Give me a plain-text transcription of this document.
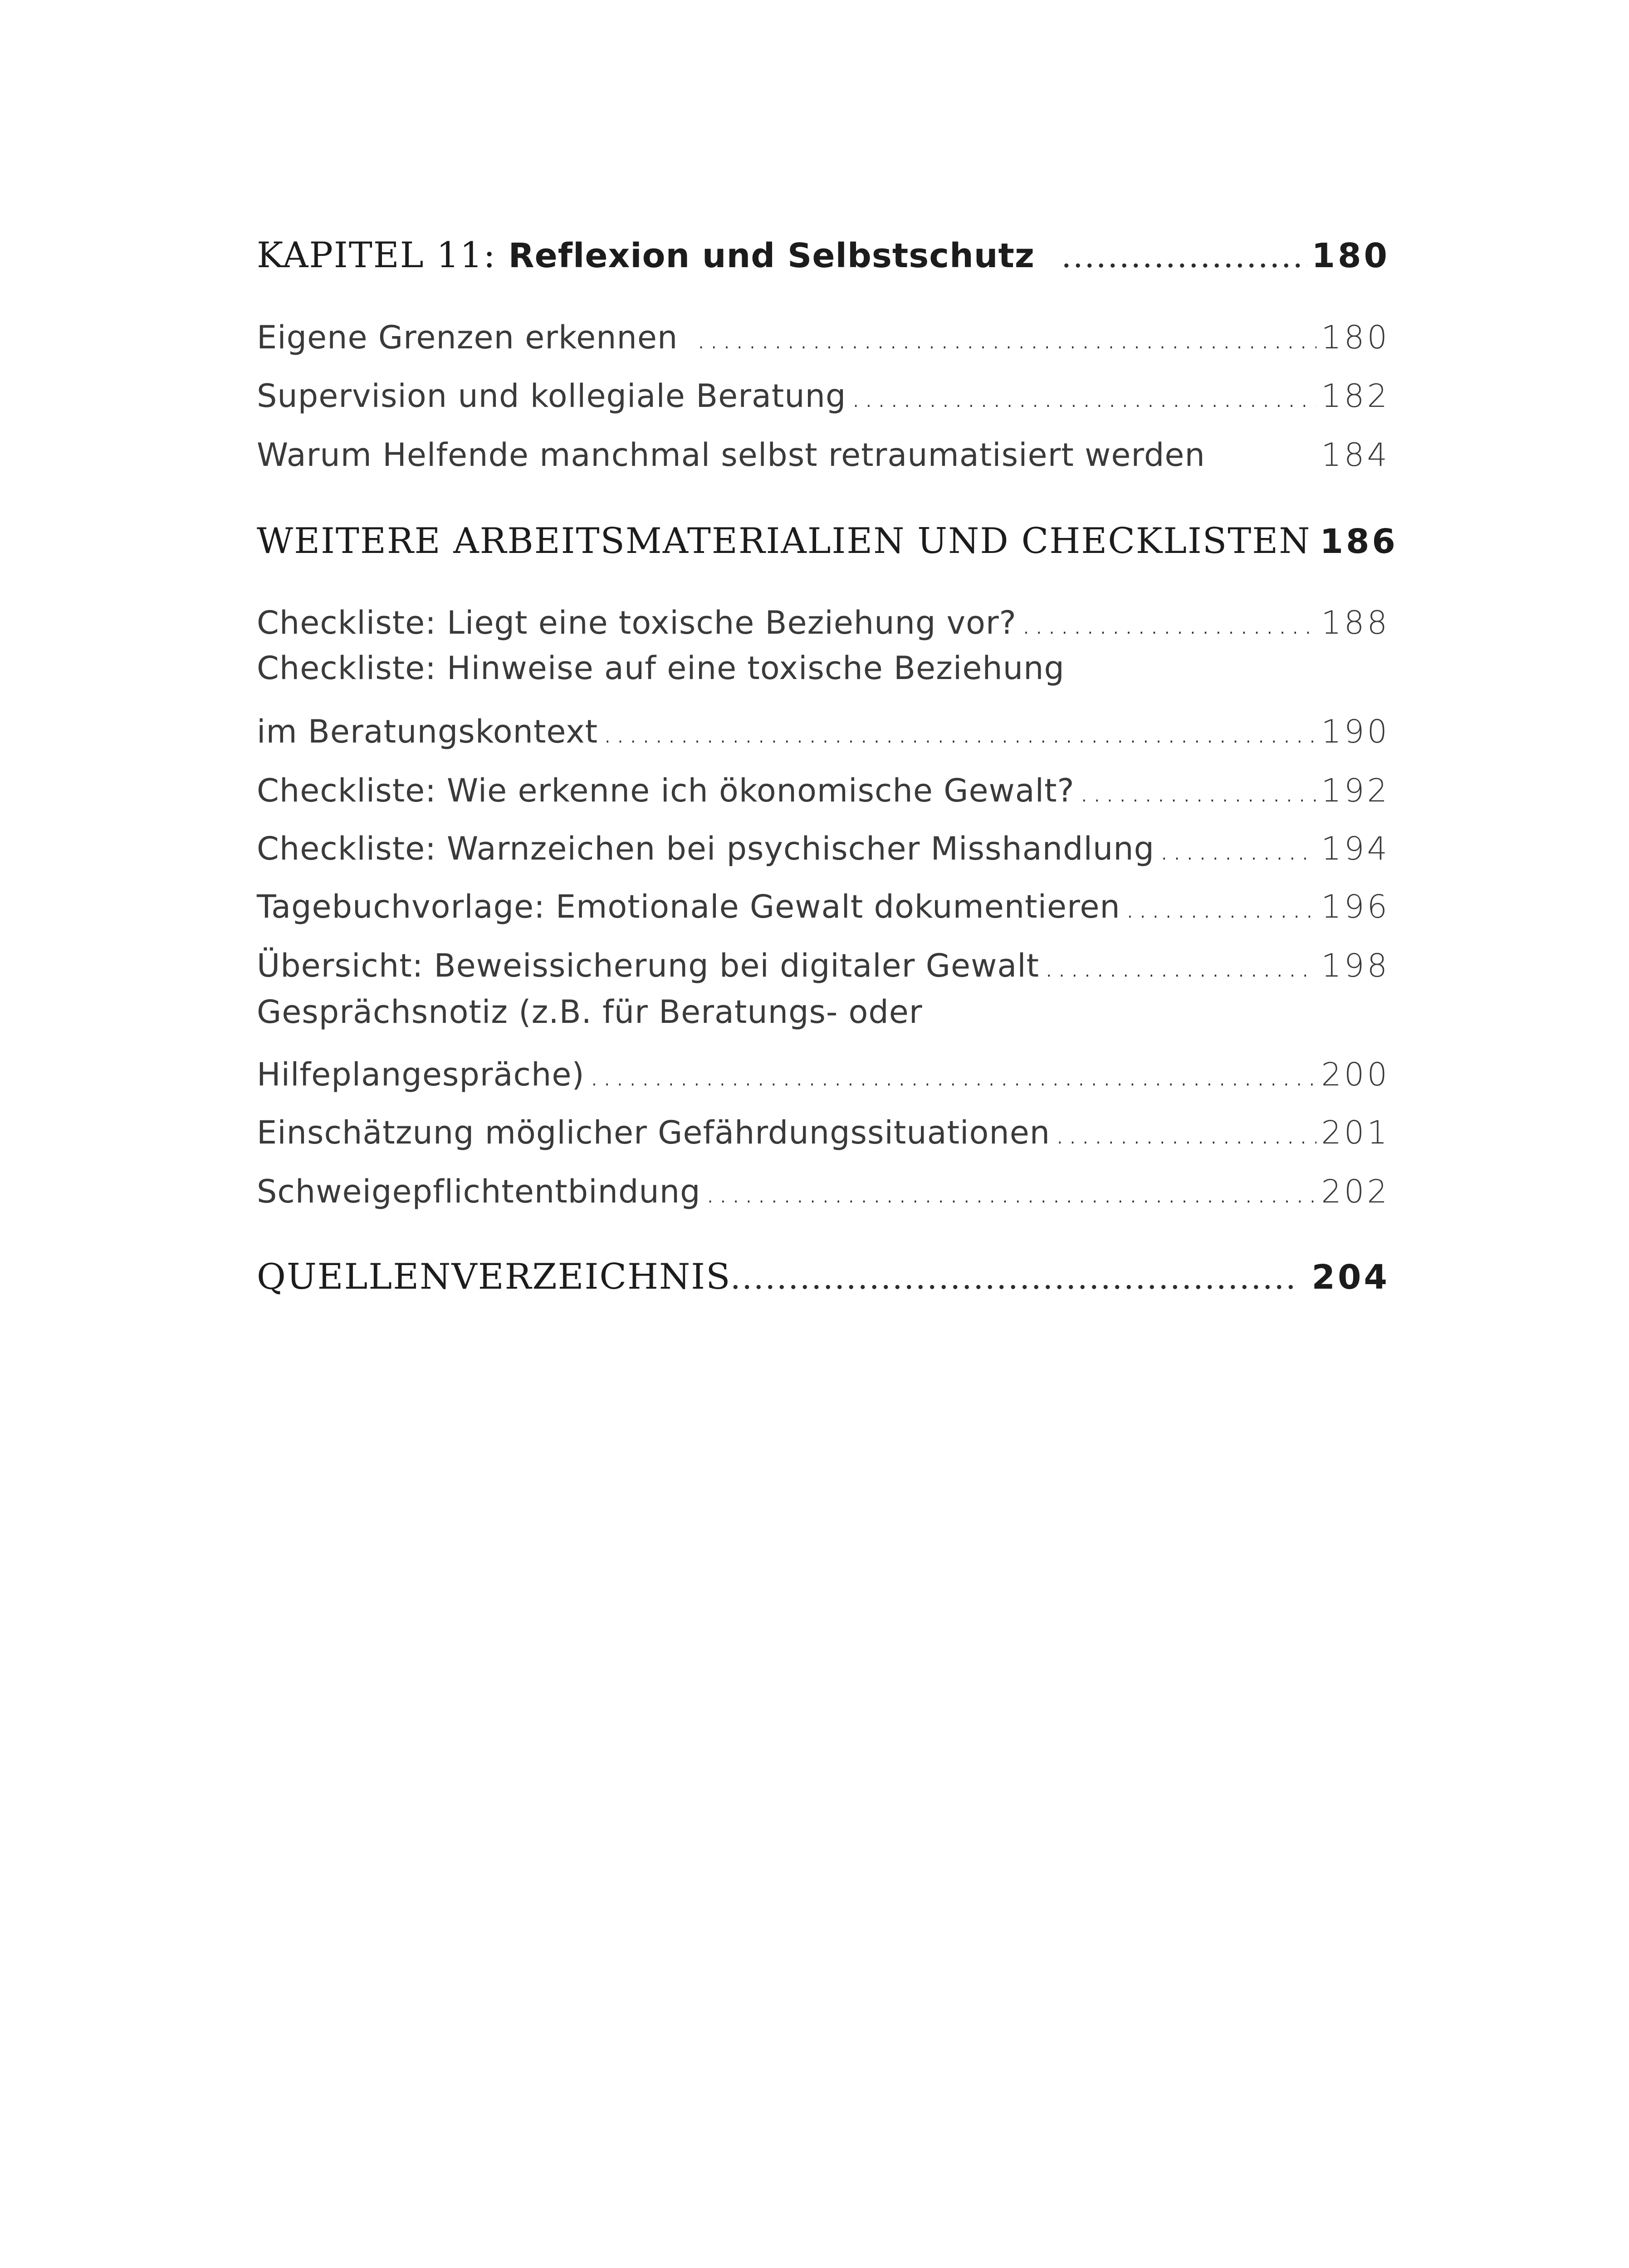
KAPITEL 11: Reflexion und Selbstschutz .....	180
Eigene Grenzen erkennen .....	180
Supervision und kollegiale Beratung .....	182
Warum Helfende manchmal selbst retraumatisiert werden	184
WEITERE ARBEITSMATERIALIEN UND CHECKLISTEN 186
Checkliste: Liegt eine toxische Beziehung vor? .....	188
Checkliste: Hinweise auf eine toxische Beziehung
im Beratungskontext .....	190
Checkliste: Wie erkenne ich ökonomische Gewalt? .....	192
Checkliste: Warnzeichen bei psychischer Misshandlung .....	194
Tagebuchvorlage: Emotionale Gewalt dokumentieren .....	196
Übersicht: Beweissicherung bei digitaler Gewalt .....	198
Gesprächsnotiz (z.B. für Beratungs- oder
Hilfeplangespräche) .....	200
Einschätzung möglicher Gefährdungssituationen .....	201
Schweigepflichtentbindung .....	202
QUELLENVERZEICHNIS .....	204
